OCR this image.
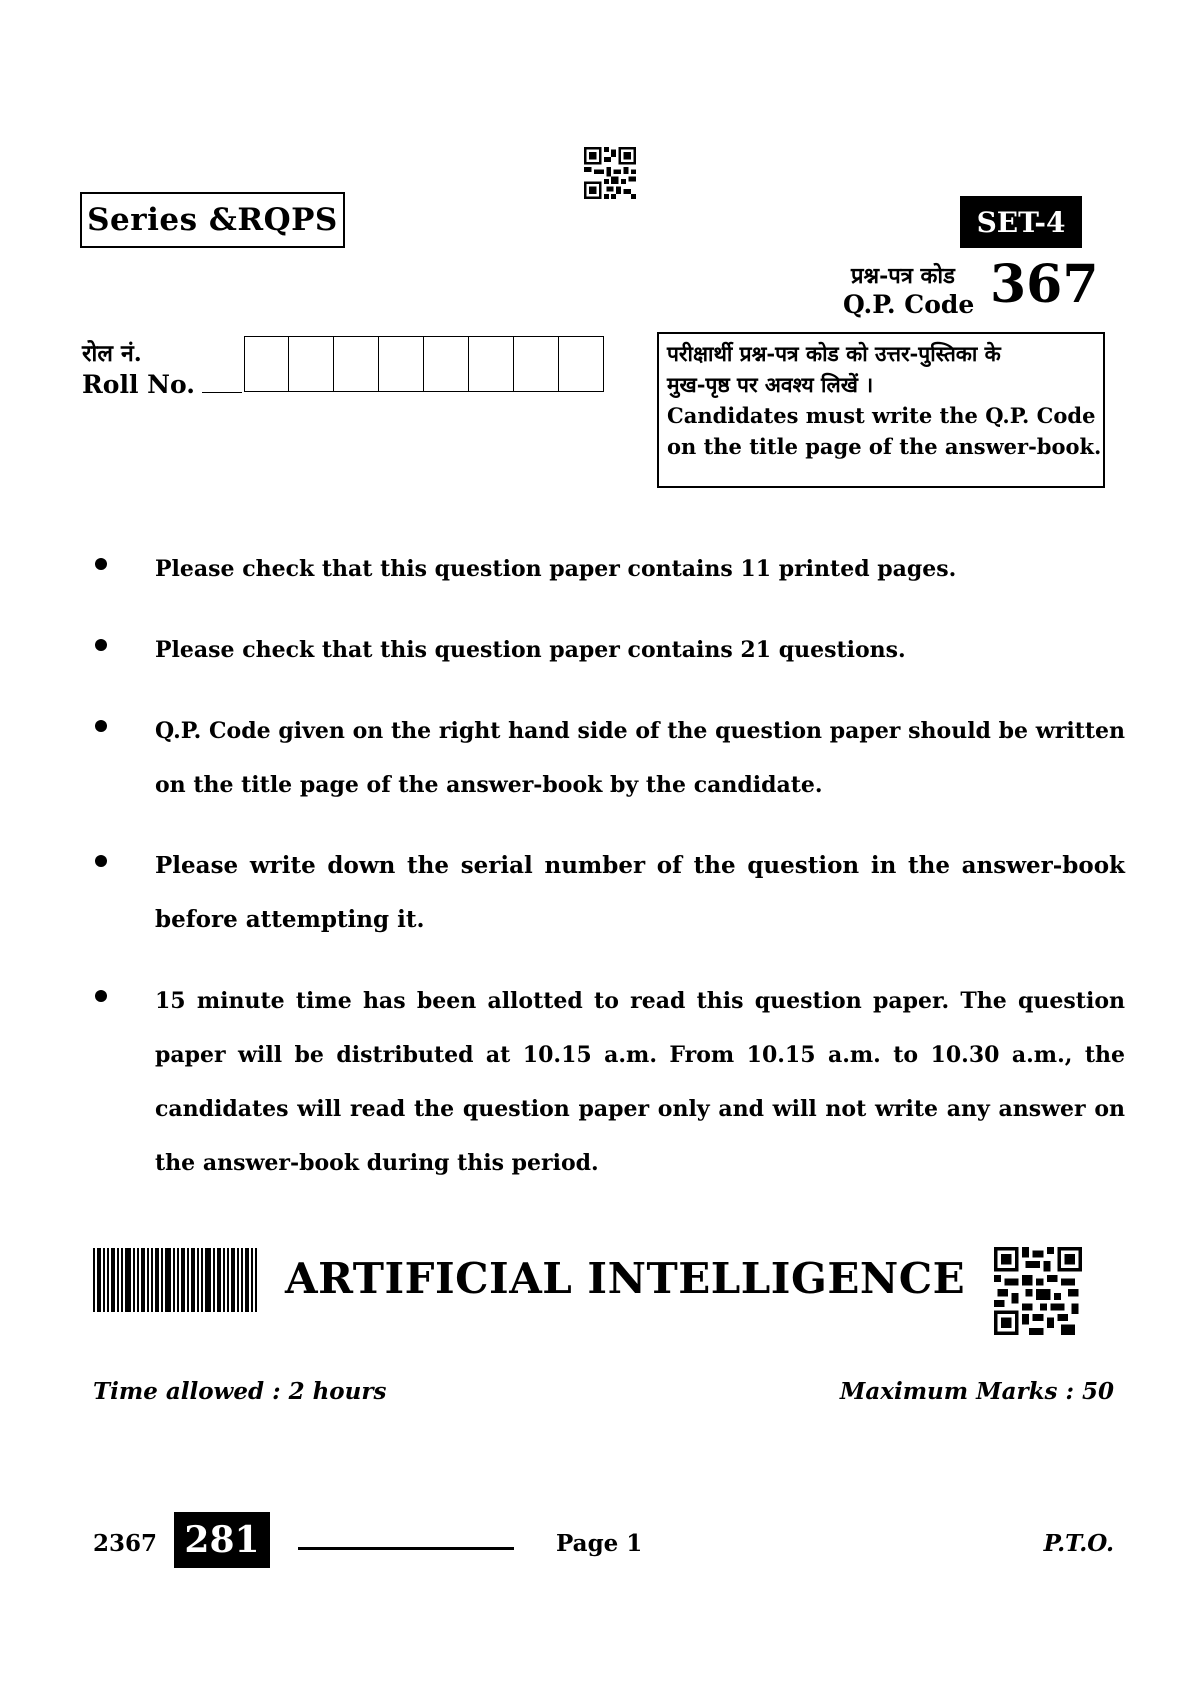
Series &RQPS	SET-4
प्रश्न-पत्र कोड
Q.P. Code 367
रोल नं.
Roll No.
परीक्षार्थी प्रश्न-पत्र कोड को उत्तर-पुस्तिका के
मुख-पृष्ठ पर अवश्य लिखें ।
Candidates must write the Q.P. Code
on the title page of the answer-book.
Please check that this question paper contains 11 printed pages.
Please check that this question paper contains 21 questions.
Q.P. Code given on the right hand side of the question paper should be written on the title page of the answer-book by the candidate.
Please write down the serial number of the question in the answer-book before attempting it.
15 minute time has been allotted to read this question paper. The question paper will be distributed at 10.15 a.m. From 10.15 a.m. to 10.30 a.m., the candidates will read the question paper only and will not write any answer on the answer-book during this period.
ARTIFICIAL INTELLIGENCE
Time allowed : 2 hours	Maximum Marks : 50
2367 281	Page 1	P.T.O.
